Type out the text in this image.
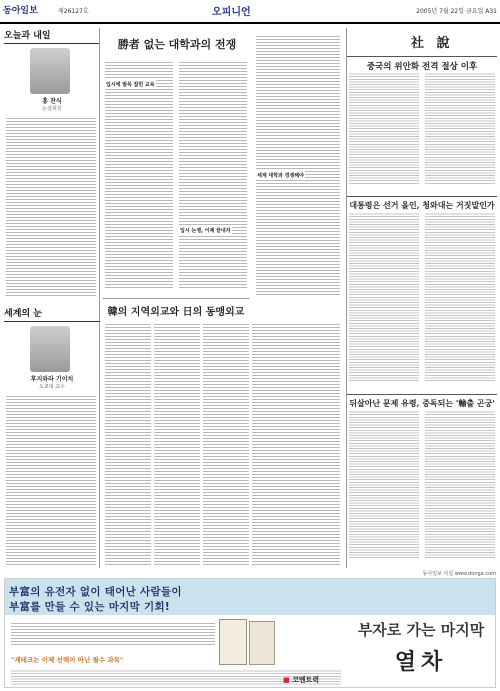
동아일보	제26127호	오피니언	2005년 7월 22일 금요일 A31
오늘과 내일
홍 찬식
논설위원
세계의 눈
후지와라 기이치
도쿄대 교수
勝者 없는 대학과의 전쟁
입시에 발목 잡힌 교육
입시 논쟁, 이제 끝내자
韓의 지역외교와 日의 동맹외교
세계 대학과 경쟁해야
社 說
중국의 위안화 전격 절상 이후
대통령은 선거 올인, 청와대는 거짓말인가
뒤살아난 문제 유령, 중독되는 '輸출 곤궁'
동아일보 사설 www.donga.com
부富의 유전자 없이 태어난 사람들이
부富를 만들 수 있는 마지막 기회!
"재테크는 이제 선택이 아닌 필수 과목"
부자로 가는 마지막
열차
■ 코멘트력
